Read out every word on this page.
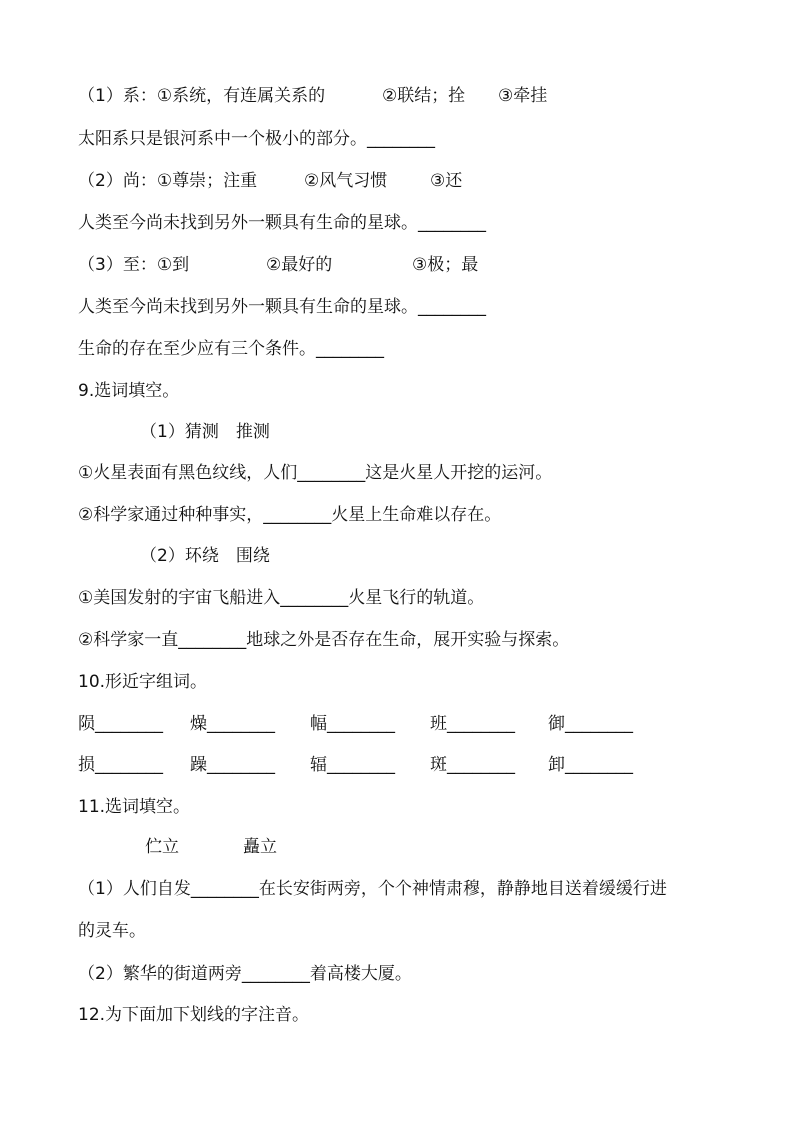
（1）系：①系统，有连属关系的	②联结；拴 ③牵挂
太阳系只是银河系中一个极小的部分。________
（2）尚：①尊崇；注重	②风气习惯	③还
人类至今尚未找到另外一颗具有生命的星球。________
（3）至：①到	②最好的	③极；最
人类至今尚未找到另外一颗具有生命的星球。________
生命的存在至少应有三个条件。________
9.选词填空。
（1）猜测　推测
①火星表面有黑色纹线，人们________这是火星人开挖的运河。
②科学家通过种种事实，________火星上生命难以存在。
（2）环绕　围绕
①美国发射的宇宙飞船进入________火星飞行的轨道。
②科学家一直________地球之外是否存在生命，展开实验与探索。
10.形近字组词。
陨________ 燥________ 幅________ 班________ 御________
损________ 躁________ 辐________ 斑________ 卸________
11.选词填空。
伫立	矗立
（1）人们自发________在长安街两旁，个个神情肃穆，静静地目送着缓缓行进
的灵车。
（2）繁华的街道两旁________着高楼大厦。
12.为下面加下划线的字注音。
